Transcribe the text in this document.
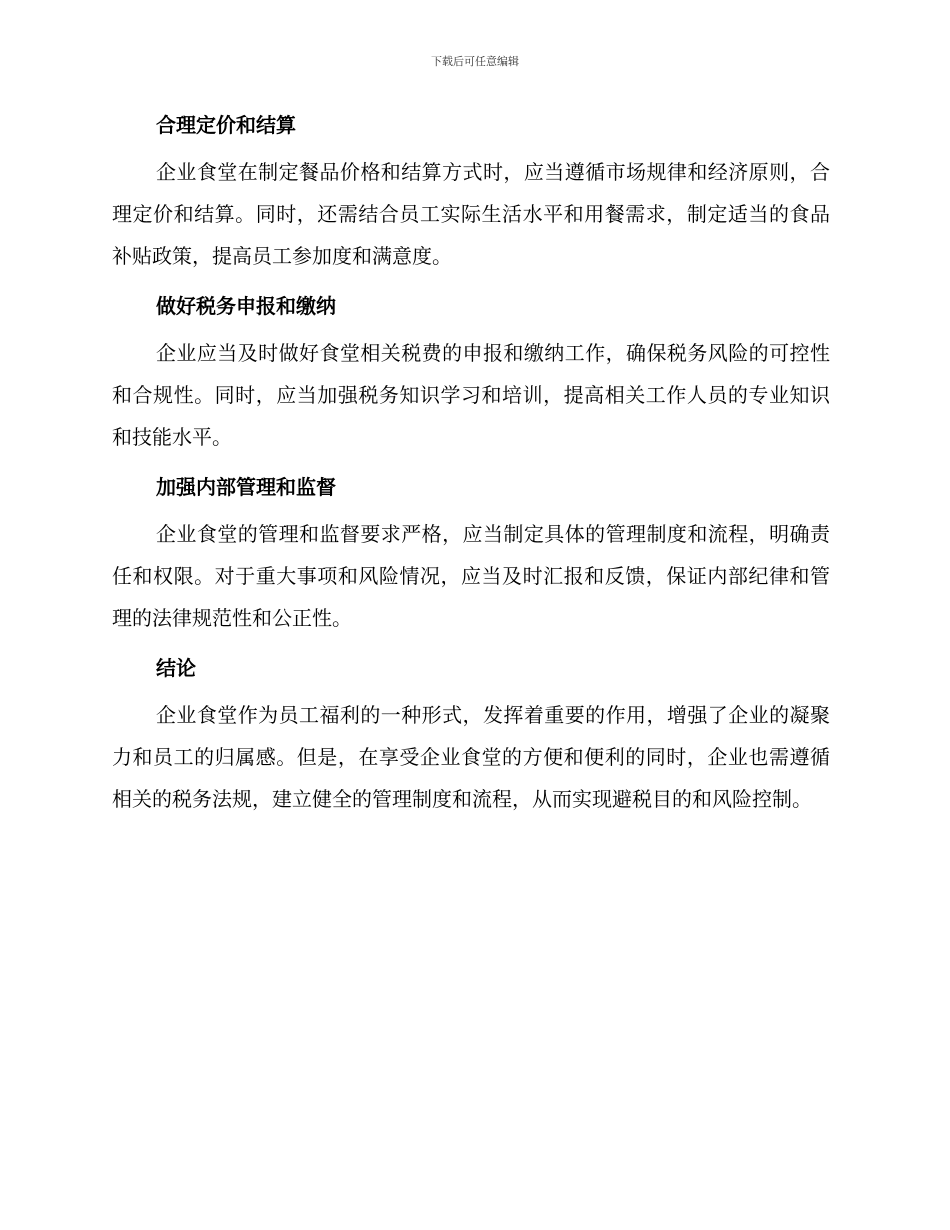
下载后可任意编辑
合理定价和结算

企业食堂在制定餐品价格和结算方式时，应当遵循市场规律和经济原则，合理定价和结算。同时，还需结合员工实际生活水平和用餐需求，制定适当的食品补贴政策，提高员工参加度和满意度。

做好税务申报和缴纳

企业应当及时做好食堂相关税费的申报和缴纳工作，确保税务风险的可控性和合规性。同时，应当加强税务知识学习和培训，提高相关工作人员的专业知识和技能水平。

加强内部管理和监督

企业食堂的管理和监督要求严格，应当制定具体的管理制度和流程，明确责任和权限。对于重大事项和风险情况，应当及时汇报和反馈，保证内部纪律和管理的法律规范性和公正性。

结论

企业食堂作为员工福利的一种形式，发挥着重要的作用，增强了企业的凝聚力和员工的归属感。但是，在享受企业食堂的方便和便利的同时，企业也需遵循相关的税务法规，建立健全的管理制度和流程，从而实现避税目的和风险控制。
